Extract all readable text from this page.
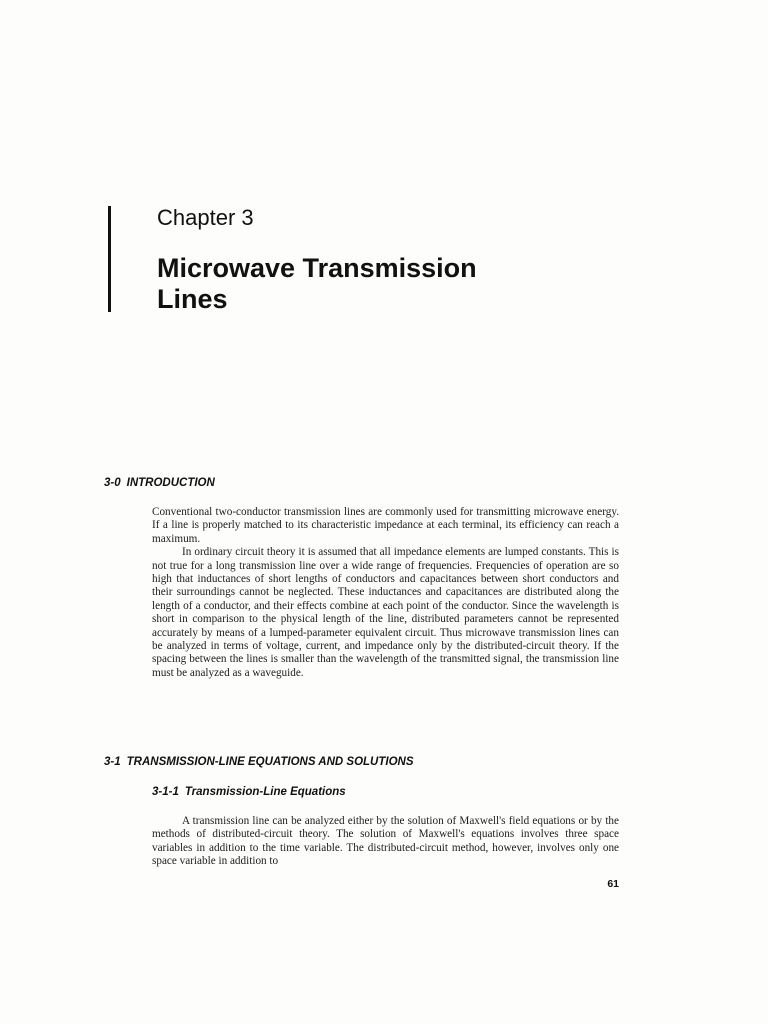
Chapter 3
Microwave Transmission
Lines
3-0 INTRODUCTION

Conventional two-conductor transmission lines are commonly used for transmitting microwave energy. If a line is properly matched to its characteristic impedance at each terminal, its efficiency can reach a maximum.

In ordinary circuit theory it is assumed that all impedance elements are lumped constants. This is not true for a long transmission line over a wide range of frequencies. Frequencies of operation are so high that inductances of short lengths of conductors and capacitances between short conductors and their surroundings cannot be neglected. These inductances and capacitances are distributed along the length of a conductor, and their effects combine at each point of the conductor. Since the wavelength is short in comparison to the physical length of the line, distributed parameters cannot be represented accurately by means of a lumped-parameter equivalent circuit. Thus microwave transmission lines can be analyzed in terms of voltage, current, and impedance only by the distributed-circuit theory. If the spacing between the lines is smaller than the wavelength of the transmitted signal, the transmission line must be analyzed as a waveguide.

3-1 TRANSMISSION-LINE EQUATIONS AND SOLUTIONS
3-1-1 Transmission-Line Equations

A transmission line can be analyzed either by the solution of Maxwell's field equations or by the methods of distributed-circuit theory. The solution of Maxwell's equations involves three space variables in addition to the time variable. The distributed-circuit method, however, involves only one space variable in addition to

61
